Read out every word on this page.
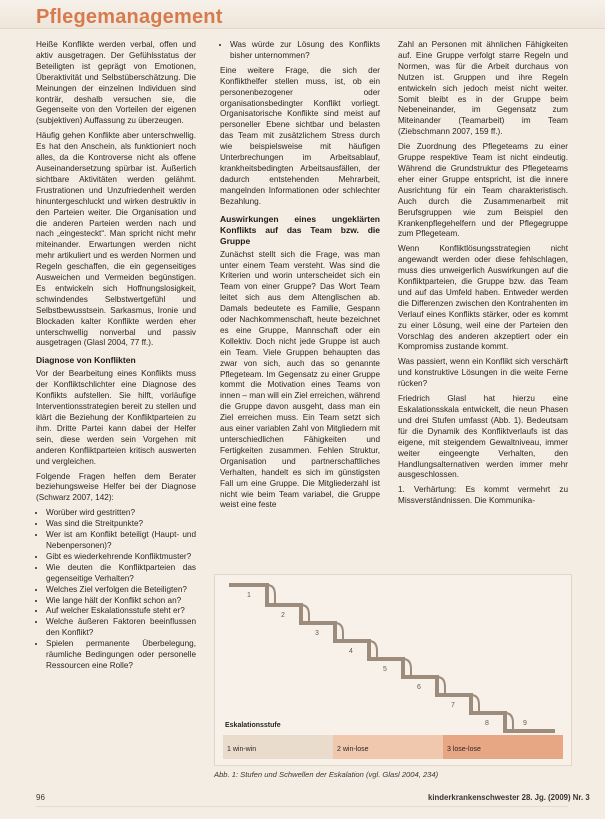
Pflegemanagement

Heiße Konflikte werden verbal, offen und aktiv ausgetragen. Der Gefühlsstatus der Beteiligten ist geprägt von Emotionen, Überaktivität und Selbstüberschätzung. Die Meinungen der einzelnen Individuen sind konträr, deshalb versuchen sie, die Gegenseite von den Vorteilen der eigenen (subjektiven) Auffassung zu überzeugen.

Häufig gehen Konflikte aber unterschwellig. Es hat den Anschein, als funktioniert noch alles, da die Kontroverse nicht als offene Auseinandersetzung spürbar ist. Äußerlich sichtbare Aktivitäten werden gelähmt. Frustrationen und Unzufriedenheit werden hinuntergeschluckt und wirken destruktiv in den Parteien weiter. Die Organisation und die anderen Parteien werden nach und nach „eingesteckt“. Man spricht nicht mehr miteinander. Erwartungen werden nicht mehr artikuliert und es werden Normen und Regeln geschaffen, die ein gegenseitiges Ausweichen und Vermeiden begünstigen. Es entwickeln sich Hoffnungslosigkeit, schwindendes Selbstwertgefühl und Selbstbewusstsein. Sarkasmus, Ironie und Blockaden kalter Konflikte werden eher unterschwellig nonverbal und passiv ausgetragen (Glasl 2004, 77 ff.).

Diagnose von Konflikten

Vor der Bearbeitung eines Konflikts muss der Konfliktschlichter eine Diagnose des Konflikts aufstellen. Sie hilft, vorläufige Interventionsstrategien bereit zu stellen und klärt die Beziehung der Konfliktparteien zu ihm. Dritte Partei kann dabei der Helfer sein, diese werden sein Vorgehen mit anderen Konfliktparteien kritisch auswerten und vergleichen.

Folgende Fragen helfen dem Berater beziehungsweise Helfer bei der Diagnose (Schwarz 2007, 142):

• Worüber wird gestritten?
• Was sind die Streitpunkte?
• Wer ist am Konflikt beteiligt (Haupt- und Nebenpersonen)?
• Gibt es wiederkehrende Konfliktmuster?
• Wie deuten die Konfliktparteien das gegenseitige Verhalten?
• Welches Ziel verfolgen die Beteiligten?
• Wie lange hält der Konflikt schon an?
• Auf welcher Eskalationsstufe steht er?
• Welche äußeren Faktoren beeinflussen den Konflikt?
• Spielen permanente Überbelegung, räumliche Bedingungen oder personelle Ressourcen eine Rolle?
• Was würde zur Lösung des Konflikts bisher unternommen?

Eine weitere Frage, die sich der Konflikthelfer stellen muss, ist, ob ein personenbezogener oder organisationsbedingter Konflikt vorliegt. Organisatorische Konflikte sind meist auf personeller Ebene sichtbar und belasten das Team mit zusätzlichem Stress durch wie beispielsweise mit häufigen Unterbrechungen im Arbeitsablauf, krankheitsbedingten Arbeitsausfällen, der dadurch entstehenden Mehrarbeit, mangelnden Informationen oder schlechter Bezahlung.

Auswirkungen eines ungeklärten Konflikts auf das Team bzw. die Gruppe

Zunächst stellt sich die Frage, was man unter einem Team versteht. Was sind die Kriterien und worin unterscheidet sich ein Team von einer Gruppe? Das Wort Team leitet sich aus dem Altenglischen ab. Damals bedeutete es Familie, Gespann oder Nachkommenschaft, heute bezeichnet es eine Gruppe, Mannschaft oder ein Kollektiv. Doch nicht jede Gruppe ist auch ein Team. Viele Gruppen behaupten das zwar von sich, auch das so genannte Pflegeteam. Im Gegensatz zu einer Gruppe kommt die Motivation eines Teams von innen – man will ein Ziel erreichen, während die Gruppe davon ausgeht, dass man ein Ziel erreichen muss. Ein Team setzt sich aus einer variablen Zahl von Mitgliedern mit unterschiedlichen Fähigkeiten und Fertigkeiten zusammen. Fehlen Struktur, Organisation und partnerschaftliches Verhalten, handelt es sich im günstigsten Fall um eine Gruppe. Die Mitgliederzahl ist nicht wie beim Team variabel, die Gruppe weist eine feste

Zahl an Personen mit ähnlichen Fähigkeiten auf. Eine Gruppe verfolgt starre Regeln und Normen, was für die Arbeit durchaus von Nutzen ist. Gruppen und ihre Regeln entwickeln sich jedoch meist nicht weiter. Somit bleibt es in der Gruppe beim Nebeneinander, im Gegensatz zum Miteinander (Teamarbeit) im Team (Ziebschmann 2007, 159 ff.).

Die Zuordnung des Pflegeteams zu einer Gruppe respektive Team ist nicht eindeutig. Während die Grundstruktur des Pflegeteams eher einer Gruppe entspricht, ist die innere Ausrichtung für ein Team charakteristisch. Auch durch die Zusammenarbeit mit Berufsgruppen wie zum Beispiel den Krankenpflegehelfern und der Pflegegruppe zum Pflegeteam.

Wenn Konfliktlösungsstrategien nicht angewandt werden oder diese fehlschlagen, muss dies unweigerlich Auswirkungen auf die Konfliktparteien, die Gruppe bzw. das Team und auf das Umfeld haben. Entweder werden die Differenzen zwischen den Kontrahenten im Verlauf eines Konflikts stärker, oder es kommt zu einer Lösung, weil eine der Parteien den Vorschlag des anderen akzeptiert oder ein Kompromiss zustande kommt.

Was passiert, wenn ein Konflikt sich verschärft und konstruktive Lösungen in die weite Ferne rücken?

Friedrich Glasl hat hierzu eine Eskalationsskala entwickelt, die neun Phasen und drei Stufen umfasst (Abb. 1). Bedeutsam für die Dynamik des Konfliktverlaufs ist das eigene, mit steigendem Gewaltniveau, immer weiter eingeengte Verhalten, den Handlungsalternativen werden immer mehr ausgeschlossen.

1. Verhärtung: Es kommt vermehrt zu Missverständnissen. Die Kommunika-

1
2
3
4
5
6
7
8	9
Eskalationsstufe
1 win-win	2 win-lose	3 lose-lose
Abb. 1: Stufen und Schwellen der Eskalation (vgl. Glasl 2004, 234)
96	kinderkrankenschwester 28. Jg. (2009) Nr. 3
